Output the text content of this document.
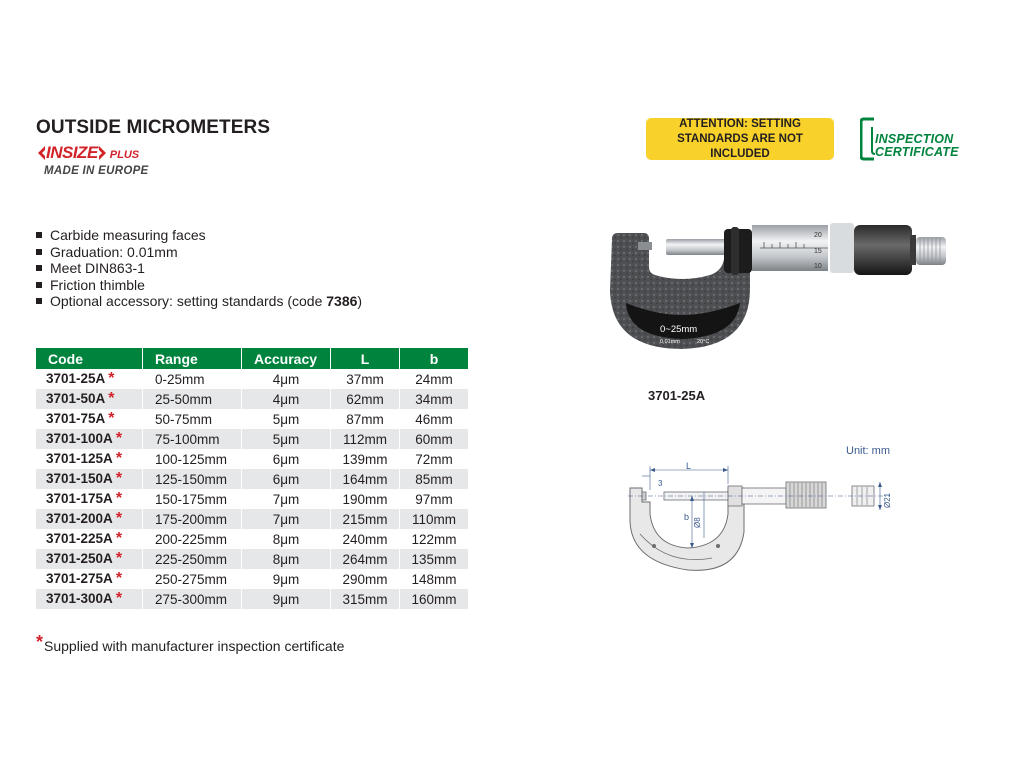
OUTSIDE MICROMETERS
INSIZE PLUS
MADE IN EUROPE
Carbide measuring faces
Graduation: 0.01mm
Meet DIN863-1
Friction thimble
Optional accessory: setting standards (code 7386 )
ATTENTION: SETTING
STANDARDS ARE NOT INCLUDED
INSPECTION
CERTIFICATE
Code	Range	Accuracy	L	b
3701-25A *	0-25mm	4μm	37mm	24mm
3701-50A *	25-50mm	4μm	62mm	34mm
3701-75A *	50-75mm	5μm	87mm	46mm
3701-100A *	75-100mm	5μm	112mm	60mm
3701-125A *	100-125mm	6μm	139mm	72mm
3701-150A *	125-150mm	6μm	164mm	85mm
3701-175A *	150-175mm	7μm	190mm	97mm
3701-200A *	175-200mm	7μm	215mm	110mm
3701-225A *	200-225mm	8μm	240mm	122mm
3701-250A *	225-250mm	8μm	264mm	135mm
3701-275A *	250-275mm	9μm	290mm	148mm
3701-300A *	275-300mm	9μm	315mm	160mm
*Supplied with manufacturer inspection certificate
0~25mm
0,01mm	20°C
20
15
10
3701-25A
Unit: mm
L
3
b
Ø8
Ø21
